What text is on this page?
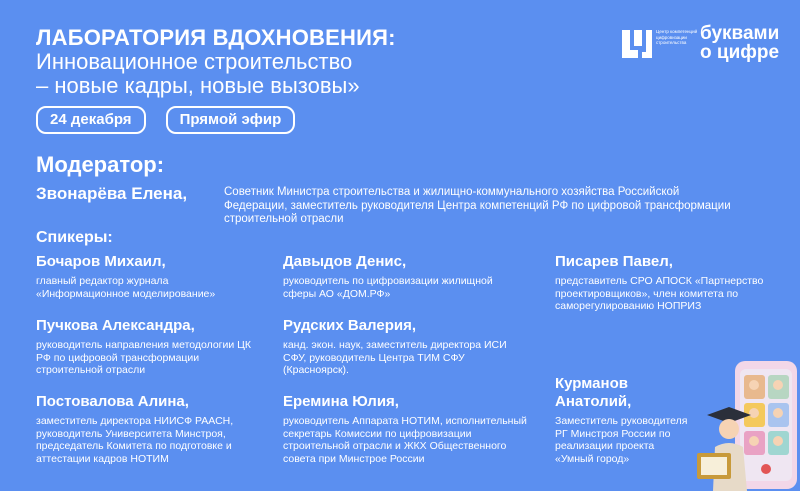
ЛАБОРАТОРИЯ ВДОХНОВЕНИЯ:
Инновационное строительство
– новые кадры, новые вызовы»
24 декабря	Прямой эфир
Центр компетенций цифровизации строительства буквами
о цифре
Модератор:
Звонарёва Елена,	Советник Министра строительства и жилищно-коммунального хозяйства Российской Федерации, заместитель руководителя Центра компетенций РФ по цифровой трансформации строительной отрасли
Спикеры:
Бочаров Михаил,
главный редактор журнала «Информационное моделирование»
Пучкова Александра,
руководитель направления методологии ЦК РФ по цифровой трансформации строительной отрасли
Постовалова Алина,
заместитель директора НИИСФ РААСН, руководитель Университета Минстроя, председатель Комитета по подготовке и аттестации кадров НОТИМ
Давыдов Денис,
руководитель по цифровизации жилищной сферы АО «ДОМ.РФ»
Рудских Валерия,
канд. экон. наук, заместитель директора ИСИ СФУ, руководитель Центра ТИМ СФУ (Красноярск).
Еремина Юлия,
руководитель Аппарата НОТИМ, исполнительный секретарь Комиссии по цифровизации строительной отрасли и ЖКХ Общественного совета при Минстрое России
Писарев Павел,
представитель СРО АПОСК «Партнерство проектировщиков», член комитета по саморегулированию НОПРИЗ
Курманов Анатолий,
Заместитель руководителя РГ Минстроя России по реализации проекта «Умный город»
